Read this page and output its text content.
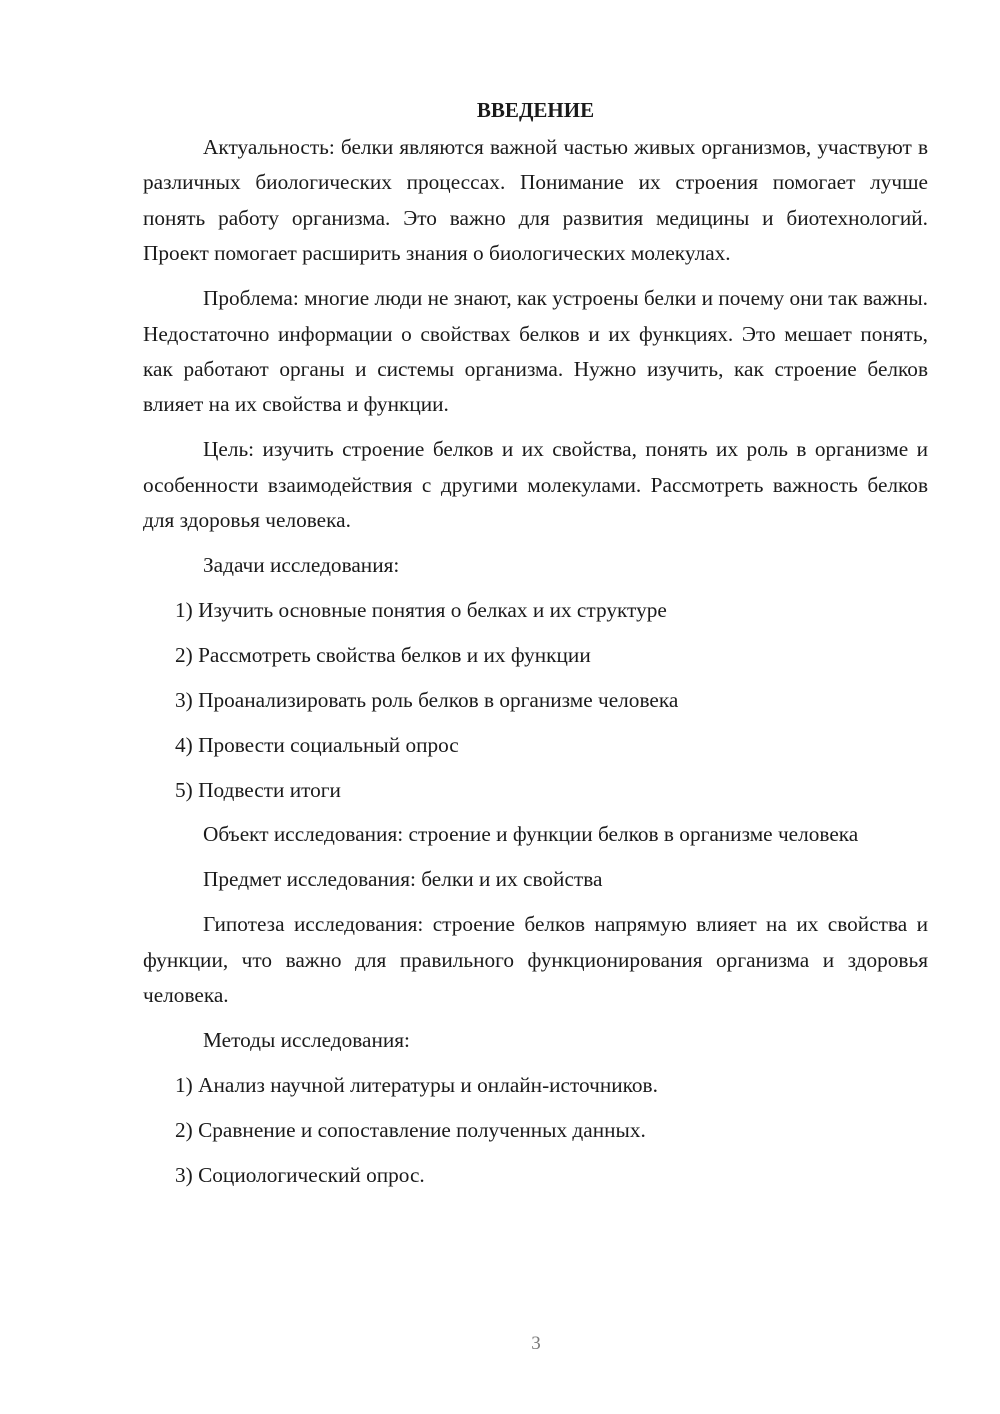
ВВЕДЕНИЕ

Актуальность: белки являются важной частью живых организмов, участвуют в различных биологических процессах. Понимание их строения помогает лучше понять работу организма. Это важно для развития медицины и биотехнологий. Проект помогает расширить знания о биологических молекулах.

Проблема: многие люди не знают, как устроены белки и почему они так важны. Недостаточно информации о свойствах белков и их функциях. Это мешает понять, как работают органы и системы организма. Нужно изучить, как строение белков влияет на их свойства и функции.

Цель: изучить строение белков и их свойства, понять их роль в организме и особенности взаимодействия с другими молекулами. Рассмотреть важность белков для здоровья человека.

Задачи исследования:

1) Изучить основные понятия о белках и их структуре

2) Рассмотреть свойства белков и их функции

3) Проанализировать роль белков в организме человека

4) Провести социальный опрос

5) Подвести итоги

Объект исследования: строение и функции белков в организме человека

Предмет исследования: белки и их свойства

Гипотеза исследования: строение белков напрямую влияет на их свойства и функции, что важно для правильного функционирования организма и здоровья человека.

Методы исследования:

1) Анализ научной литературы и онлайн-источников.

2) Сравнение и сопоставление полученных данных.

3) Социологический опрос.

3
